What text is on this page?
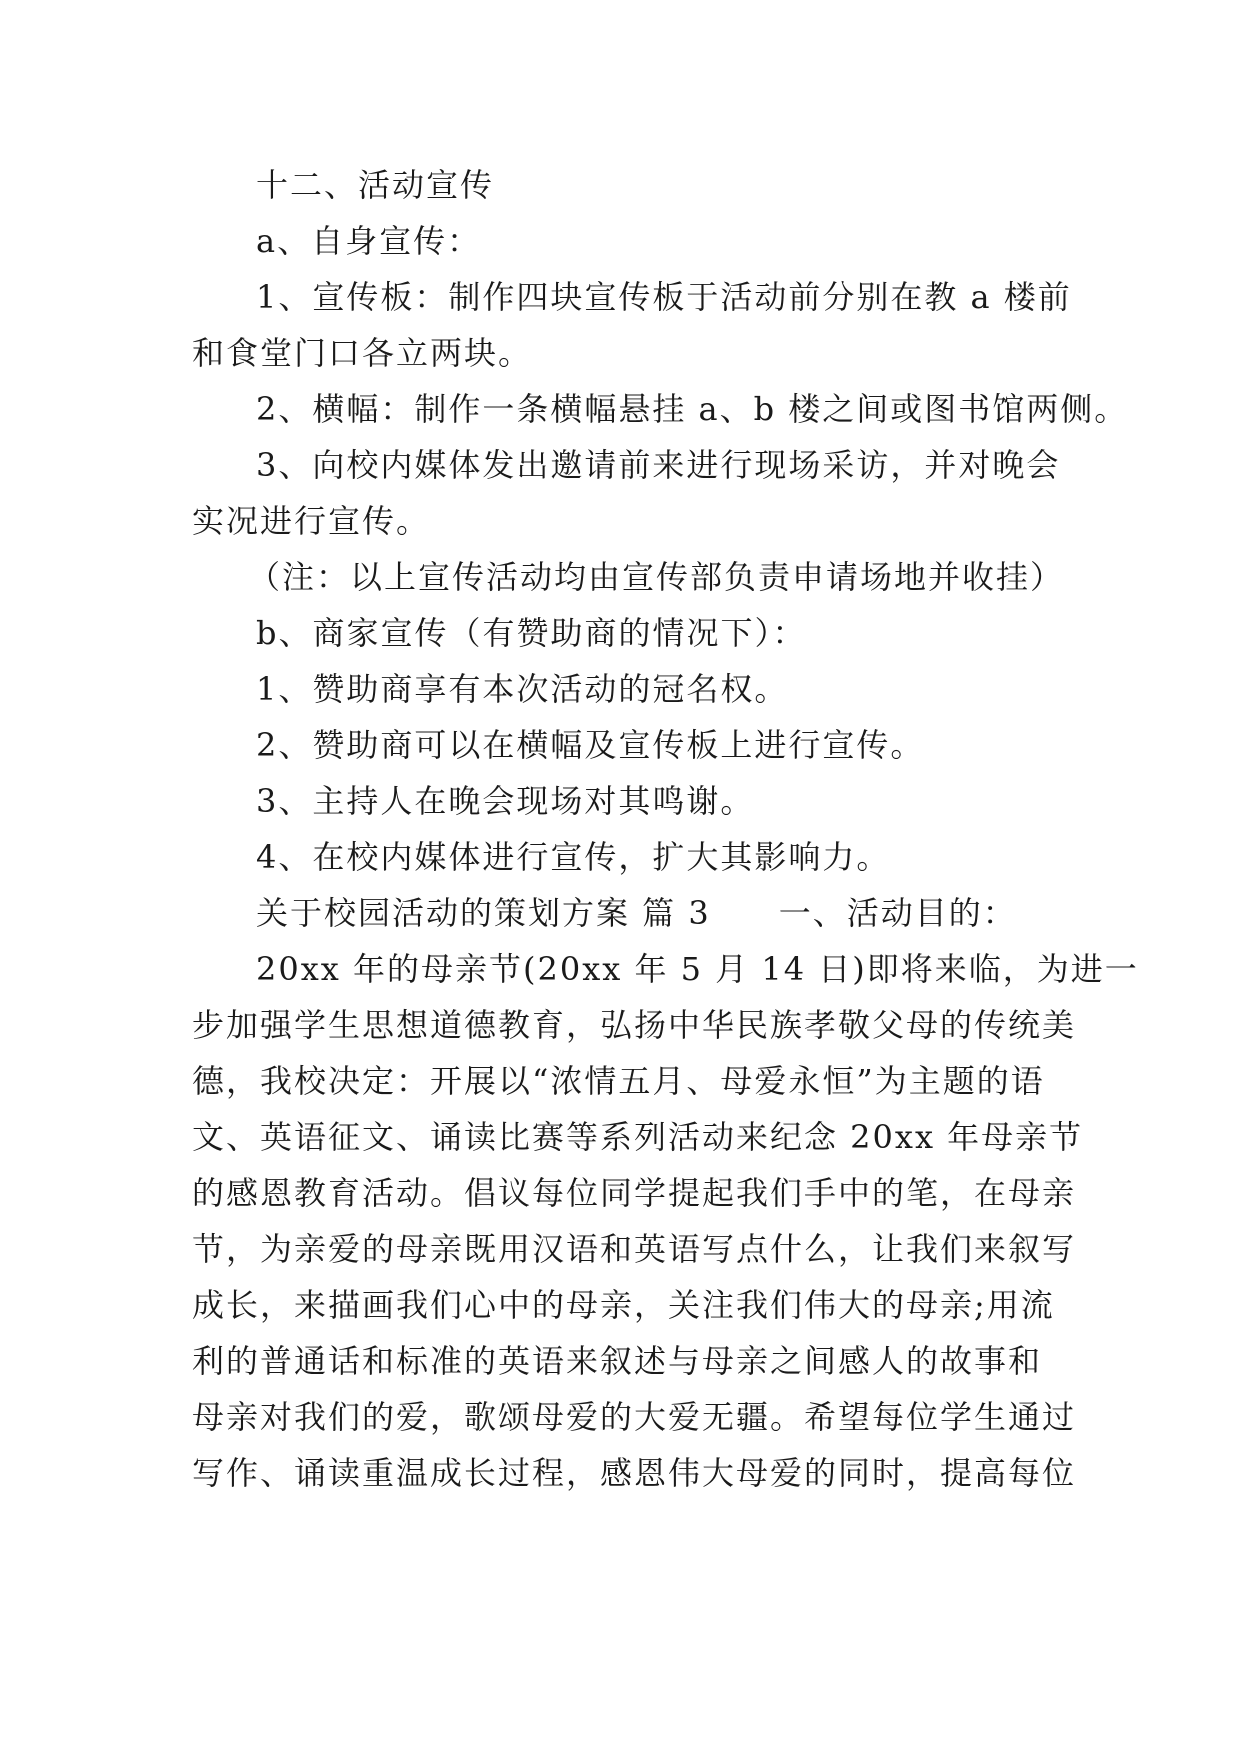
十二、活动宣传
a、自身宣传：
1、宣传板：制作四块宣传板于活动前分别在教 a 楼前
和食堂门口各立两块。
2、横幅：制作一条横幅悬挂 a、b 楼之间或图书馆两侧。
3、向校内媒体发出邀请前来进行现场采访，并对晚会
实况进行宣传。
（注：以上宣传活动均由宣传部负责申请场地并收挂）
b、商家宣传（有赞助商的情况下）：
1、赞助商享有本次活动的冠名权。
2、赞助商可以在横幅及宣传板上进行宣传。
3、主持人在晚会现场对其鸣谢。
4、在校内媒体进行宣传，扩大其影响力。
关于校园活动的策划方案 篇 3　　一、活动目的：
20xx 年的母亲节(20xx 年 5 月 14 日)即将来临，为进一
步加强学生思想道德教育，弘扬中华民族孝敬父母的传统美
德，我校决定：开展以“浓情五月、母爱永恒”为主题的语
文、英语征文、诵读比赛等系列活动来纪念 20xx 年母亲节
的感恩教育活动。倡议每位同学提起我们手中的笔，在母亲
节，为亲爱的母亲既用汉语和英语写点什么，让我们来叙写
成长，来描画我们心中的母亲，关注我们伟大的母亲;用流
利的普通话和标准的英语来叙述与母亲之间感人的故事和
母亲对我们的爱，歌颂母爱的大爱无疆。希望每位学生通过
写作、诵读重温成长过程，感恩伟大母爱的同时，提高每位
